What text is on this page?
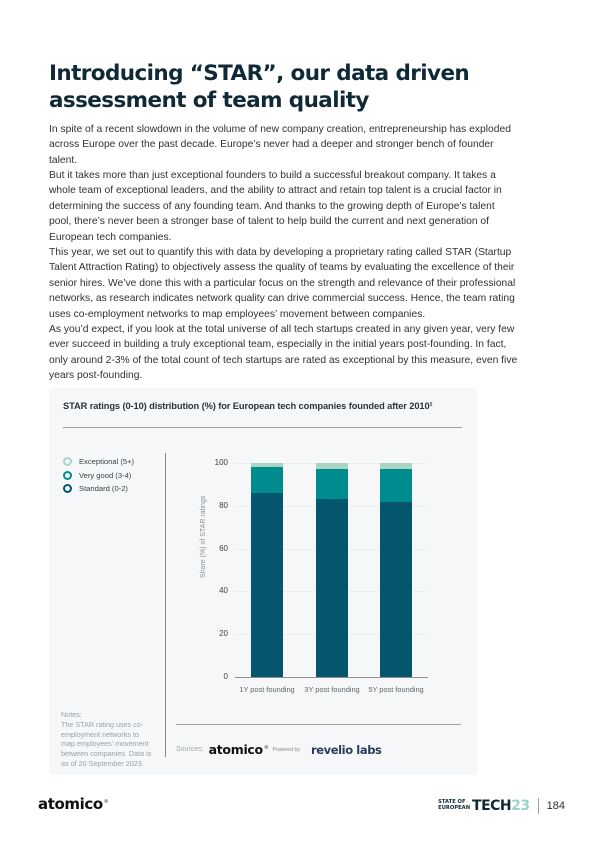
Introducing “STAR”, our data driven assessment of team quality

In spite of a recent slowdown in the volume of new company creation, entrepreneurship has exploded across Europe over the past decade. Europe’s never had a deeper and stronger bench of founder talent.

But it takes more than just exceptional founders to build a successful breakout company. It takes a whole team of exceptional leaders, and the ability to attract and retain top talent is a crucial factor in determining the success of any founding team. And thanks to the growing depth of Europe’s talent pool, there’s never been a stronger base of talent to help build the current and next generation of European tech companies.

This year, we set out to quantify this with data by developing a proprietary rating called STAR (Startup Talent Attraction Rating) to objectively assess the quality of teams by evaluating the excellence of their senior hires. We’ve done this with a particular focus on the strength and relevance of their professional networks, as research indicates network quality can drive commercial success. Hence, the team rating uses co-employment networks to map employees’ movement between companies.

As you’d expect, if you look at the total universe of all tech startups created in any given year, very few ever succeed in building a truly exceptional team, especially in the initial years post-founding. In fact, only around 2-3% of the total count of tech startups are rated as exceptional by this measure, even five years post-founding.

STAR ratings (0-10) distribution (%) for European tech companies founded after 2010¹
Exceptional (5+)
Very good (3-4)
Standard (0-2)
Share (%) of STAR ratings
100
80
60
40
20
0
1Y post founding	3Y post founding	5Y post founding
Notes:
The STAR rating uses co-employment networks to map employees’ movement between companies. Data is as of 20 September 2023.
Sources: atomico® Powered by revelio labs
atomico®	STATE OF
EUROPEAN TECH 23 184
